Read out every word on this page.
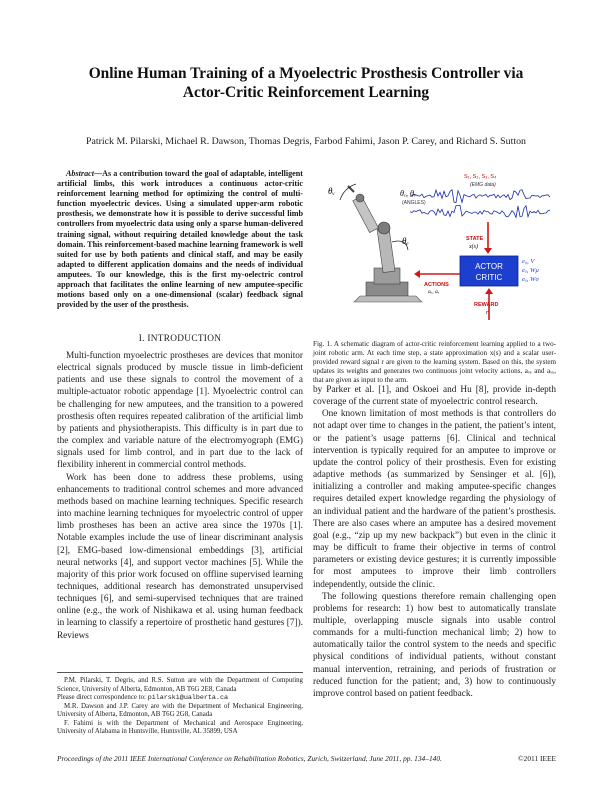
Online Human Training of a Myoelectric Prosthesis Controller via
Actor-Critic Reinforcement Learning
Patrick M. Pilarski, Michael R. Dawson, Thomas Degris, Farbod Fahimi, Jason P. Carey, and Richard S. Sutton

Abstract—As a contribution toward the goal of adaptable, intelligent artificial limbs, this work introduces a continuous actor-critic reinforcement learning method for optimizing the control of multi-function myoelectric devices. Using a simulated upper-arm robotic prosthesis, we demonstrate how it is possible to derive successful limb controllers from myoelectric data using only a sparse human-delivered training signal, without requiring detailed knowledge about the task domain. This reinforcement-based machine learning framework is well suited for use by both patients and clinical staff, and may be easily adapted to different application domains and the needs of individual amputees. To our knowledge, this is the first my-oelectric control approach that facilitates the online learning of new amputee-specific motions based only on a one-dimensional (scalar) feedback signal provided by the user of the prosthesis.

I. INTRODUCTION

Multi-function myoelectric prostheses are devices that monitor electrical signals produced by muscle tissue in limb-deficient patients and use these signals to control the movement of a multiple-actuator robotic appendage [1]. Myoelectric control can be challenging for new amputees, and the transition to a powered prosthesis often requires repeated calibration of the artificial limb by patients and physiotherapists. This difficulty is in part due to the complex and variable nature of the electromyograph (EMG) signals used for limb control, and in part due to the lack of flexibility inherent in commercial control methods.

Work has been done to address these problems, using enhancements to traditional control schemes and more advanced methods based on machine learning techniques. Specific research into machine learning techniques for myoelectric control of upper limb prostheses has been an active area since the 1970s [1]. Notable examples include the use of linear discriminant analysis [2], EMG-based low-dimensional embeddings [3], artificial neural networks [4], and support vector machines [5]. While the majority of this prior work focused on offline supervised learning techniques, additional research has demonstrated unsupervised techniques [6], and semi-supervised techniques that are trained online (e.g., the work of Nishikawa et al. using human feedback in learning to classify a repertoire of prosthetic hand gestures [7]). Reviews

P.M. Pilarski, T. Degris, and R.S. Sutton are with the Department of Computing Science, University of Alberta, Edmonton, AB T6G 2E8, Canada

Please direct correspondence to: pilarski@ualberta.ca

M.R. Dawson and J.P. Carey are with the Department of Mechanical Engineering, University of Alberta, Edmonton, AB T6G 2G8, Canada

F. Fahimi is with the Department of Mechanical and Aerospace Engineering, University of Alabama in Huntsville, Huntsville, AL 35899, USA

θᵥ
θₑ
S₁, S₂, S₃, S₄
(EMG data)
θₑ, θᵥ
(ANGLES)
STATE
x(s)
ACTOR
CRITIC
e₀, V
eₐ, Wμ
eₐ, Wσ
ACTIONS
aₑ, aᵥ
REWARD
r
Fig. 1. A schematic diagram of actor-critic reinforcement learning applied to a two-joint robotic arm. At each time step, a state approximation x(s) and a scalar user-provided reward signal r are given to the learning system. Based on this, the system updates its weights and generates two continuous joint velocity actions, aᵥₑ and aᵥₒ, that are given as input to the arm.

by Parker et al. [1], and Oskoei and Hu [8], provide in-depth coverage of the current state of myoelectric control research.

One known limitation of most methods is that controllers do not adapt over time to changes in the patient, the patient’s intent, or the patient’s usage patterns [6]. Clinical and technical intervention is typically required for an amputee to improve or update the control policy of their prosthesis. Even for existing adaptive methods (as summarized by Sensinger et al. [6]), initializing a controller and making amputee-specific changes requires detailed expert knowledge regarding the physiology of an individual patient and the hardware of the patient’s prosthesis. There are also cases where an amputee has a desired movement goal (e.g., “zip up my new backpack”) but even in the clinic it may be difficult to frame their objective in terms of control parameters or existing device gestures; it is currently impossible for most amputees to improve their limb controllers independently, outside the clinic.

The following questions therefore remain challenging open problems for research: 1) how best to automatically translate multiple, overlapping muscle signals into usable control commands for a multi-function mechanical limb; 2) how to automatically tailor the control system to the needs and specific physical conditions of individual patients, without constant manual intervention, retraining, and periods of frustration or reduced function for the patient; and, 3) how to continuously improve control based on patient feedback.

Proceedings of the 2011 IEEE International Conference on Rehabilitation Robotics, Zurich, Switzerland, June 2011, pp. 134–140.	©2011 IEEE
